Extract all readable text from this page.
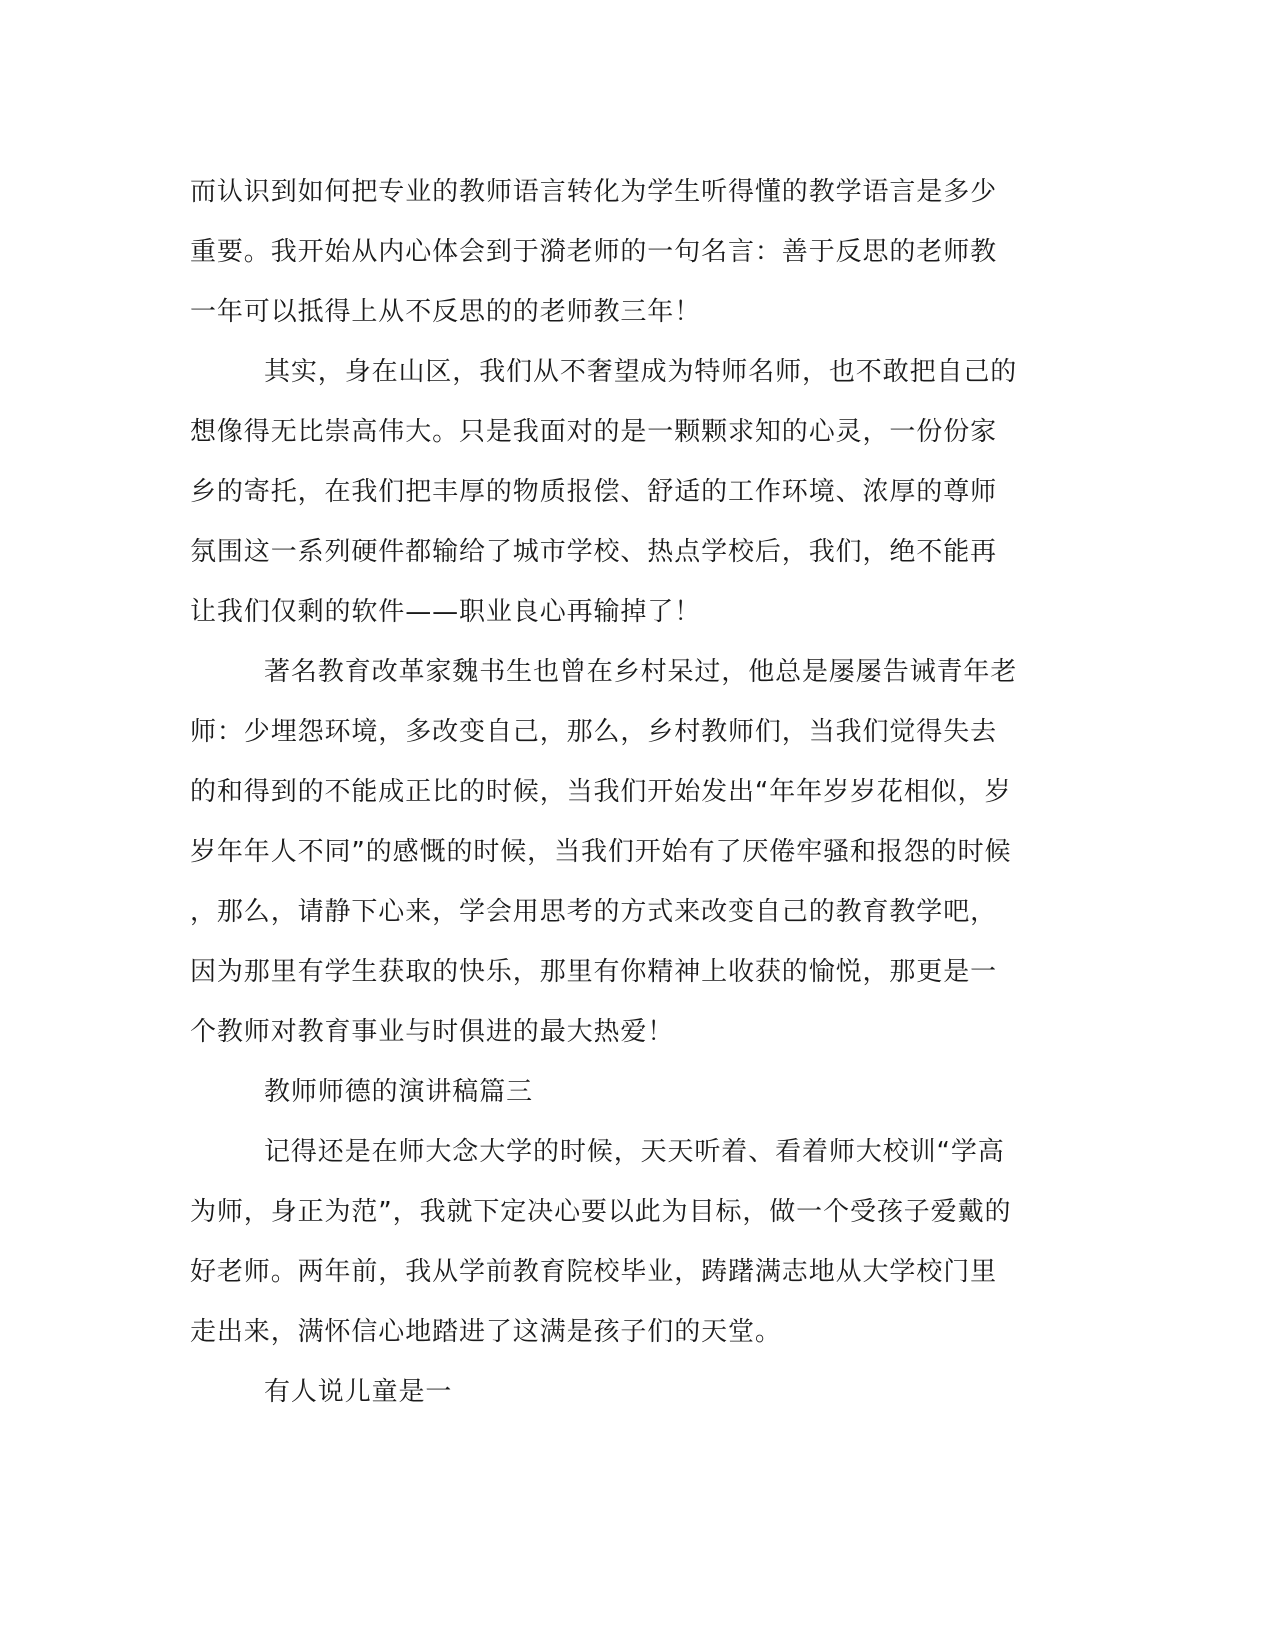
而认识到如何把专业的教师语言转化为学生听得懂的教学语言是多少
重要。我开始从内心体会到于漪老师的一句名言：善于反思的老师教
一年可以抵得上从不反思的的老师教三年！
其实，身在山区，我们从不奢望成为特师名师，也不敢把自己的
想像得无比崇高伟大。只是我面对的是一颗颗求知的心灵，一份份家
乡的寄托，在我们把丰厚的物质报偿、舒适的工作环境、浓厚的尊师
氛围这一系列硬件都输给了城市学校、热点学校后，我们，绝不能再
让我们仅剩的软件——职业良心再输掉了！
著名教育改革家魏书生也曾在乡村呆过，他总是屡屡告诫青年老
师：少埋怨环境，多改变自己，那么，乡村教师们，当我们觉得失去
的和得到的不能成正比的时候，当我们开始发出“年年岁岁花相似，岁
岁年年人不同”的感慨的时候，当我们开始有了厌倦牢骚和报怨的时候
，那么，请静下心来，学会用思考的方式来改变自己的教育教学吧，
因为那里有学生获取的快乐，那里有你精神上收获的愉悦，那更是一
个教师对教育事业与时俱进的最大热爱！
教师师德的演讲稿篇三
记得还是在师大念大学的时候，天天听着、看着师大校训“学高
为师，身正为范”，我就下定决心要以此为目标，做一个受孩子爱戴的
好老师。两年前，我从学前教育院校毕业，踌躇满志地从大学校门里
走出来，满怀信心地踏进了这满是孩子们的天堂。
有人说儿童是一
